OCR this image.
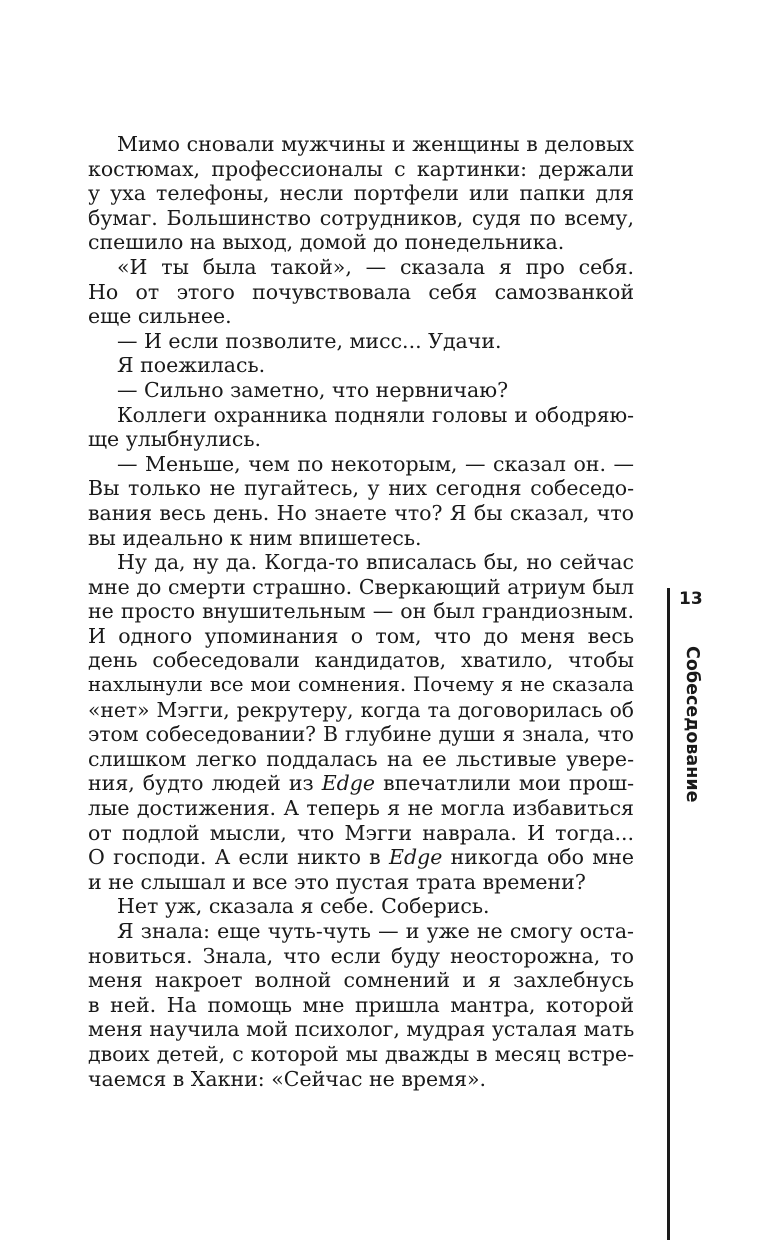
Мимо сновали мужчины и женщины в деловых
костюмах, профессионалы с картинки: держали
у уха телефоны, несли портфели или папки для
бумаг. Большинство сотрудников, судя по всему,
спешило на выход, домой до понедельника.
«И ты была такой», — сказала я про себя.
Но от этого почувствовала себя самозванкой
еще сильнее.
— И если позволите, мисс... Удачи.
Я поежилась.
— Сильно заметно, что нервничаю?
Коллеги охранника подняли головы и ободряю-
ще улыбнулись.
— Меньше, чем по некоторым, — сказал он. —
Вы только не пугайтесь, у них сегодня собеседо-
вания весь день. Но знаете что? Я бы сказал, что
вы идеально к ним впишетесь.
Ну да, ну да. Когда-то вписалась бы, но сейчас
мне до смерти страшно. Сверкающий атриум был
не просто внушительным — он был грандиозным.
И одного упоминания о том, что до меня весь
день собеседовали кандидатов, хватило, чтобы
нахлынули все мои сомнения. Почему я не сказала
«нет» Мэгги, рекрутеру, когда та договорилась об
этом собеседовании? В глубине души я знала, что
слишком легко поддалась на ее льстивые увере-
ния, будто людей из Edge впечатлили мои прош-
лые достижения. А теперь я не могла избавиться
от подлой мысли, что Мэгги наврала. И тогда...
О господи. А если никто в Edge никогда обо мне
и не слышал и все это пустая трата времени?
Нет уж, сказала я себе. Соберись.
Я знала: еще чуть-чуть — и уже не смогу оста-
новиться. Знала, что если буду неосторожна, то
меня накроет волной сомнений и я захлебнусь
в ней. На помощь мне пришла мантра, которой
меня научила мой психолог, мудрая усталая мать
двоих детей, с которой мы дважды в месяц встре-
чаемся в Хакни: «Сейчас не время».
13
Собеседование
